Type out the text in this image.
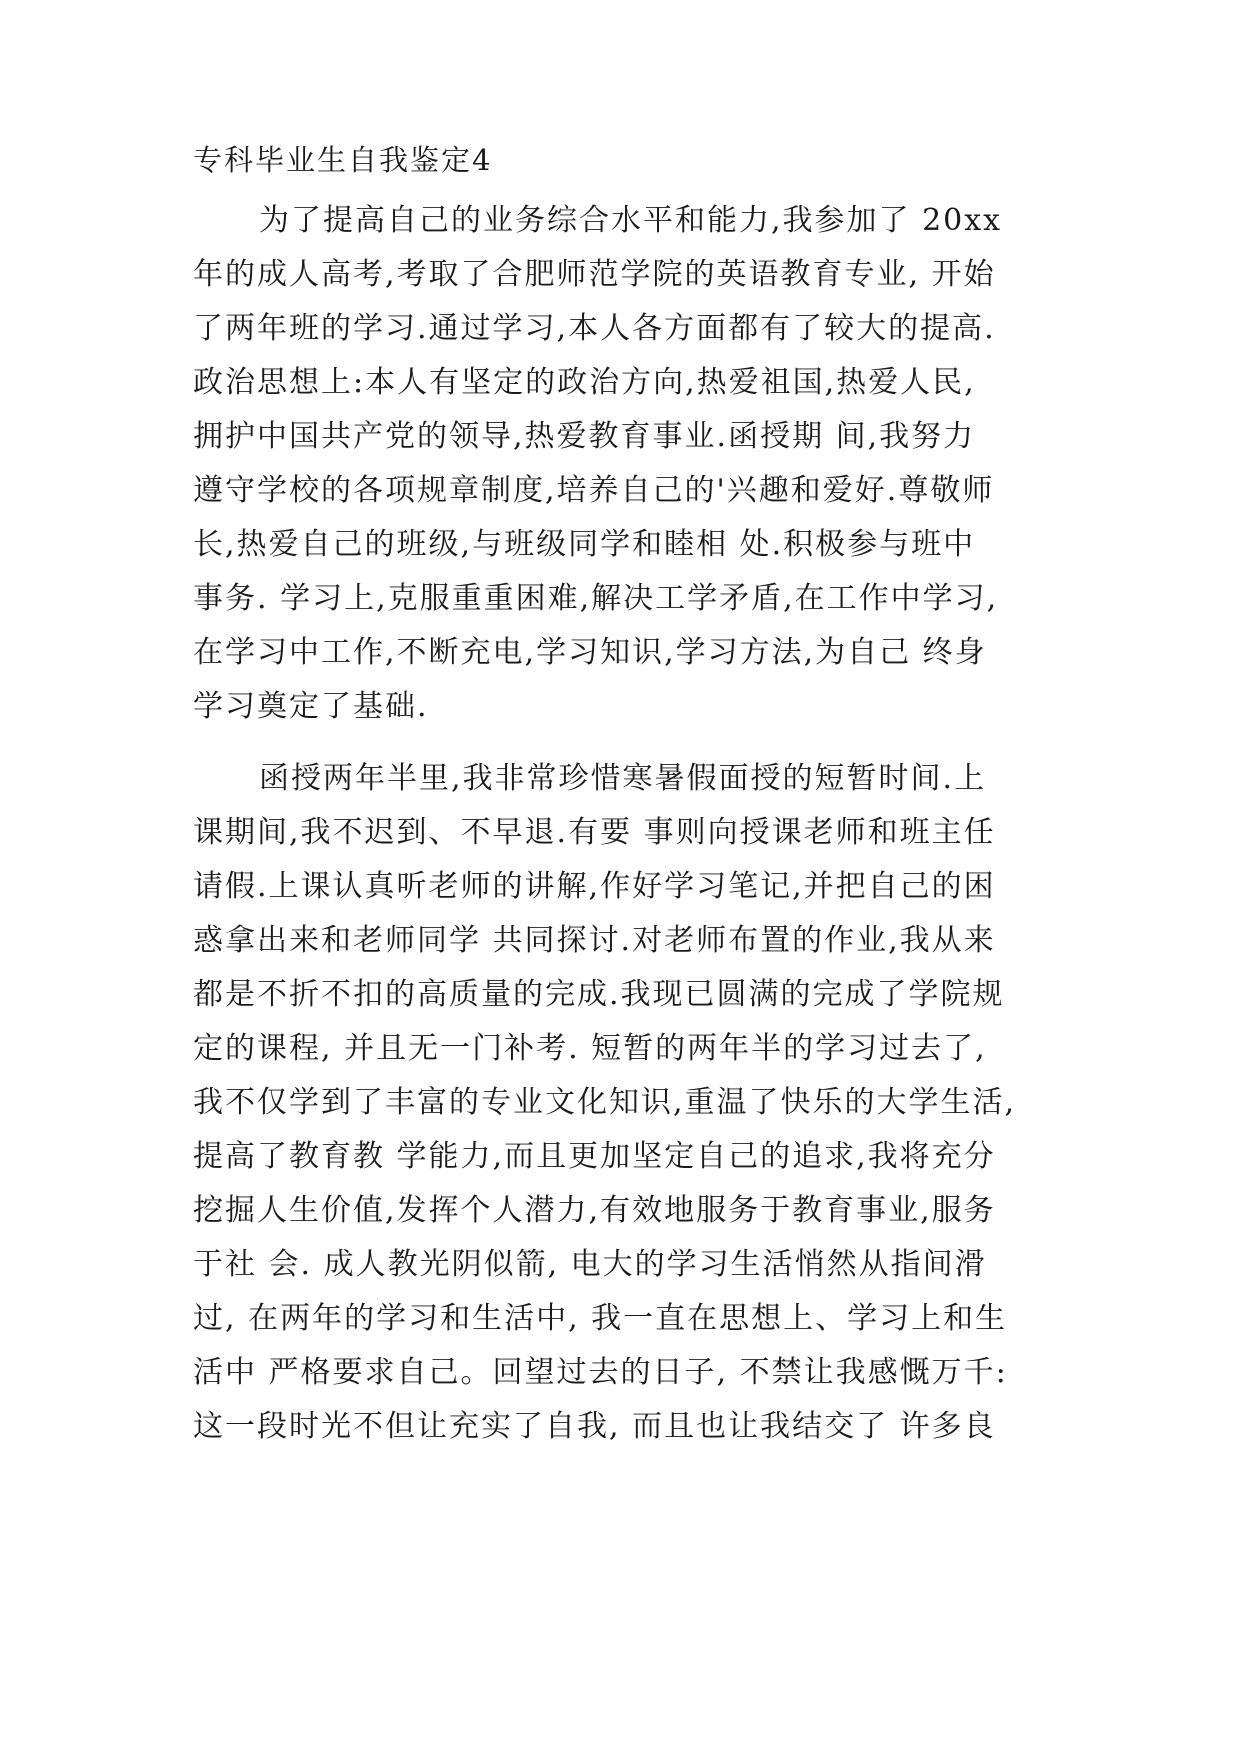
专科毕业生自我鉴定4
为了提高自己的业务综合水平和能力,我参加了 20xx
年的成人高考,考取了合肥师范学院的英语教育专业, 开始
了两年班的学习.通过学习,本人各方面都有了较大的提高.
政治思想上:本人有坚定的政治方向,热爱祖国,热爱人民,
拥护中国共产党的领导,热爱教育事业.函授期 间,我努力
遵守学校的各项规章制度,培养自己的'兴趣和爱好.尊敬师
长,热爱自己的班级,与班级同学和睦相 处.积极参与班中
事务. 学习上,克服重重困难,解决工学矛盾,在工作中学习,
在学习中工作,不断充电,学习知识,学习方法,为自己 终身
学习奠定了基础.
函授两年半里,我非常珍惜寒暑假面授的短暂时间.上
课期间,我不迟到、不早退.有要 事则向授课老师和班主任
请假.上课认真听老师的讲解,作好学习笔记,并把自己的困
惑拿出来和老师同学 共同探讨.对老师布置的作业,我从来
都是不折不扣的高质量的完成.我现已圆满的完成了学院规
定的课程, 并且无一门补考. 短暂的两年半的学习过去了,
我不仅学到了丰富的专业文化知识,重温了快乐的大学生活,
提高了教育教 学能力,而且更加坚定自己的追求,我将充分
挖掘人生价值,发挥个人潜力,有效地服务于教育事业,服务
于社 会. 成人教光阴似箭, 电大的学习生活悄然从指间滑
过, 在两年的学习和生活中, 我一直在思想上、学习上和生
活中 严格要求自己。回望过去的日子, 不禁让我感慨万千:
这一段时光不但让充实了自我, 而且也让我结交了 许多良
